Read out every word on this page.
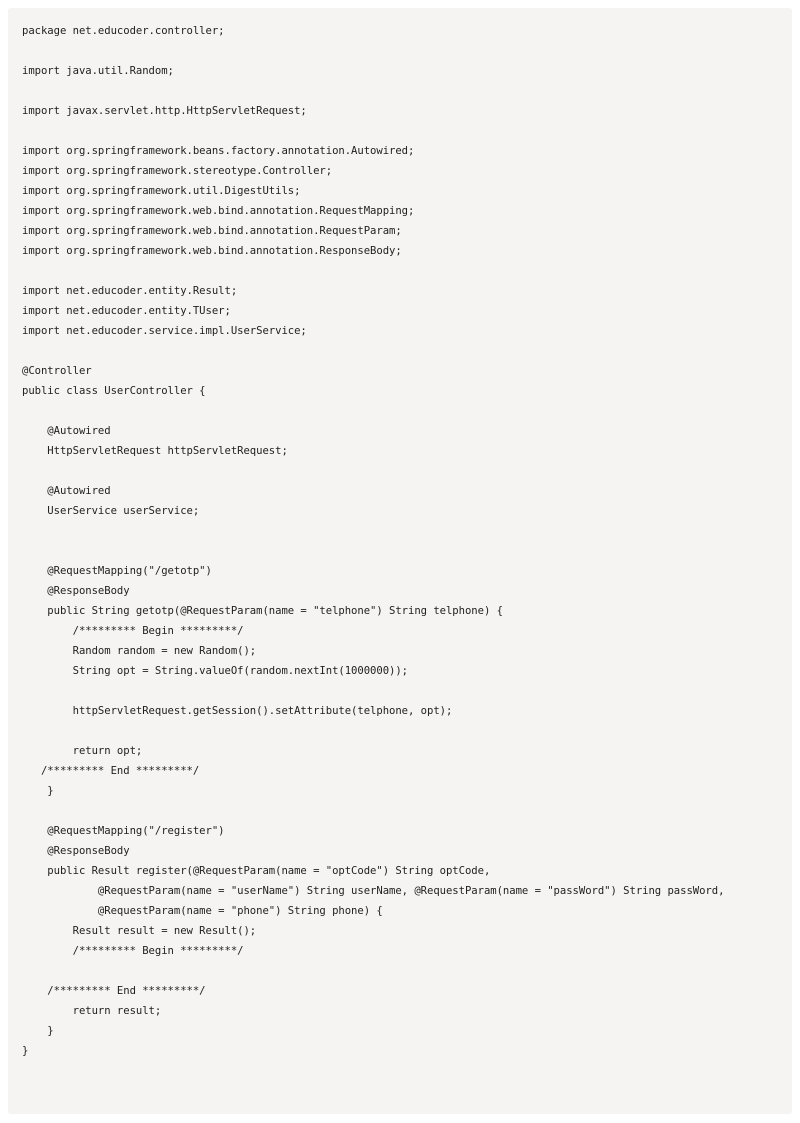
package net.educoder.controller;

import java.util.Random;

import javax.servlet.http.HttpServletRequest;

import org.springframework.beans.factory.annotation.Autowired;
import org.springframework.stereotype.Controller;
import org.springframework.util.DigestUtils;
import org.springframework.web.bind.annotation.RequestMapping;
import org.springframework.web.bind.annotation.RequestParam;
import org.springframework.web.bind.annotation.ResponseBody;

import net.educoder.entity.Result;
import net.educoder.entity.TUser;
import net.educoder.service.impl.UserService;

@Controller
public class UserController {

@Autowired
HttpServletRequest httpServletRequest;

@Autowired
UserService userService;

@RequestMapping("/getotp")
@ResponseBody
public String getotp(@RequestParam(name = "telphone") String telphone) {
/********* Begin *********/
Random random = new Random();
String opt = String.valueOf(random.nextInt(1000000));

httpServletRequest.getSession().setAttribute(telphone, opt);

return opt;
/********* End *********/
}

@RequestMapping("/register")
@ResponseBody
public Result register(@RequestParam(name = "optCode") String optCode,
@RequestParam(name = "userName") String userName, @RequestParam(name = "passWord") String passWord,
@RequestParam(name = "phone") String phone) {
Result result = new Result();
/********* Begin *********/

/********* End *********/
return result;
}
}
